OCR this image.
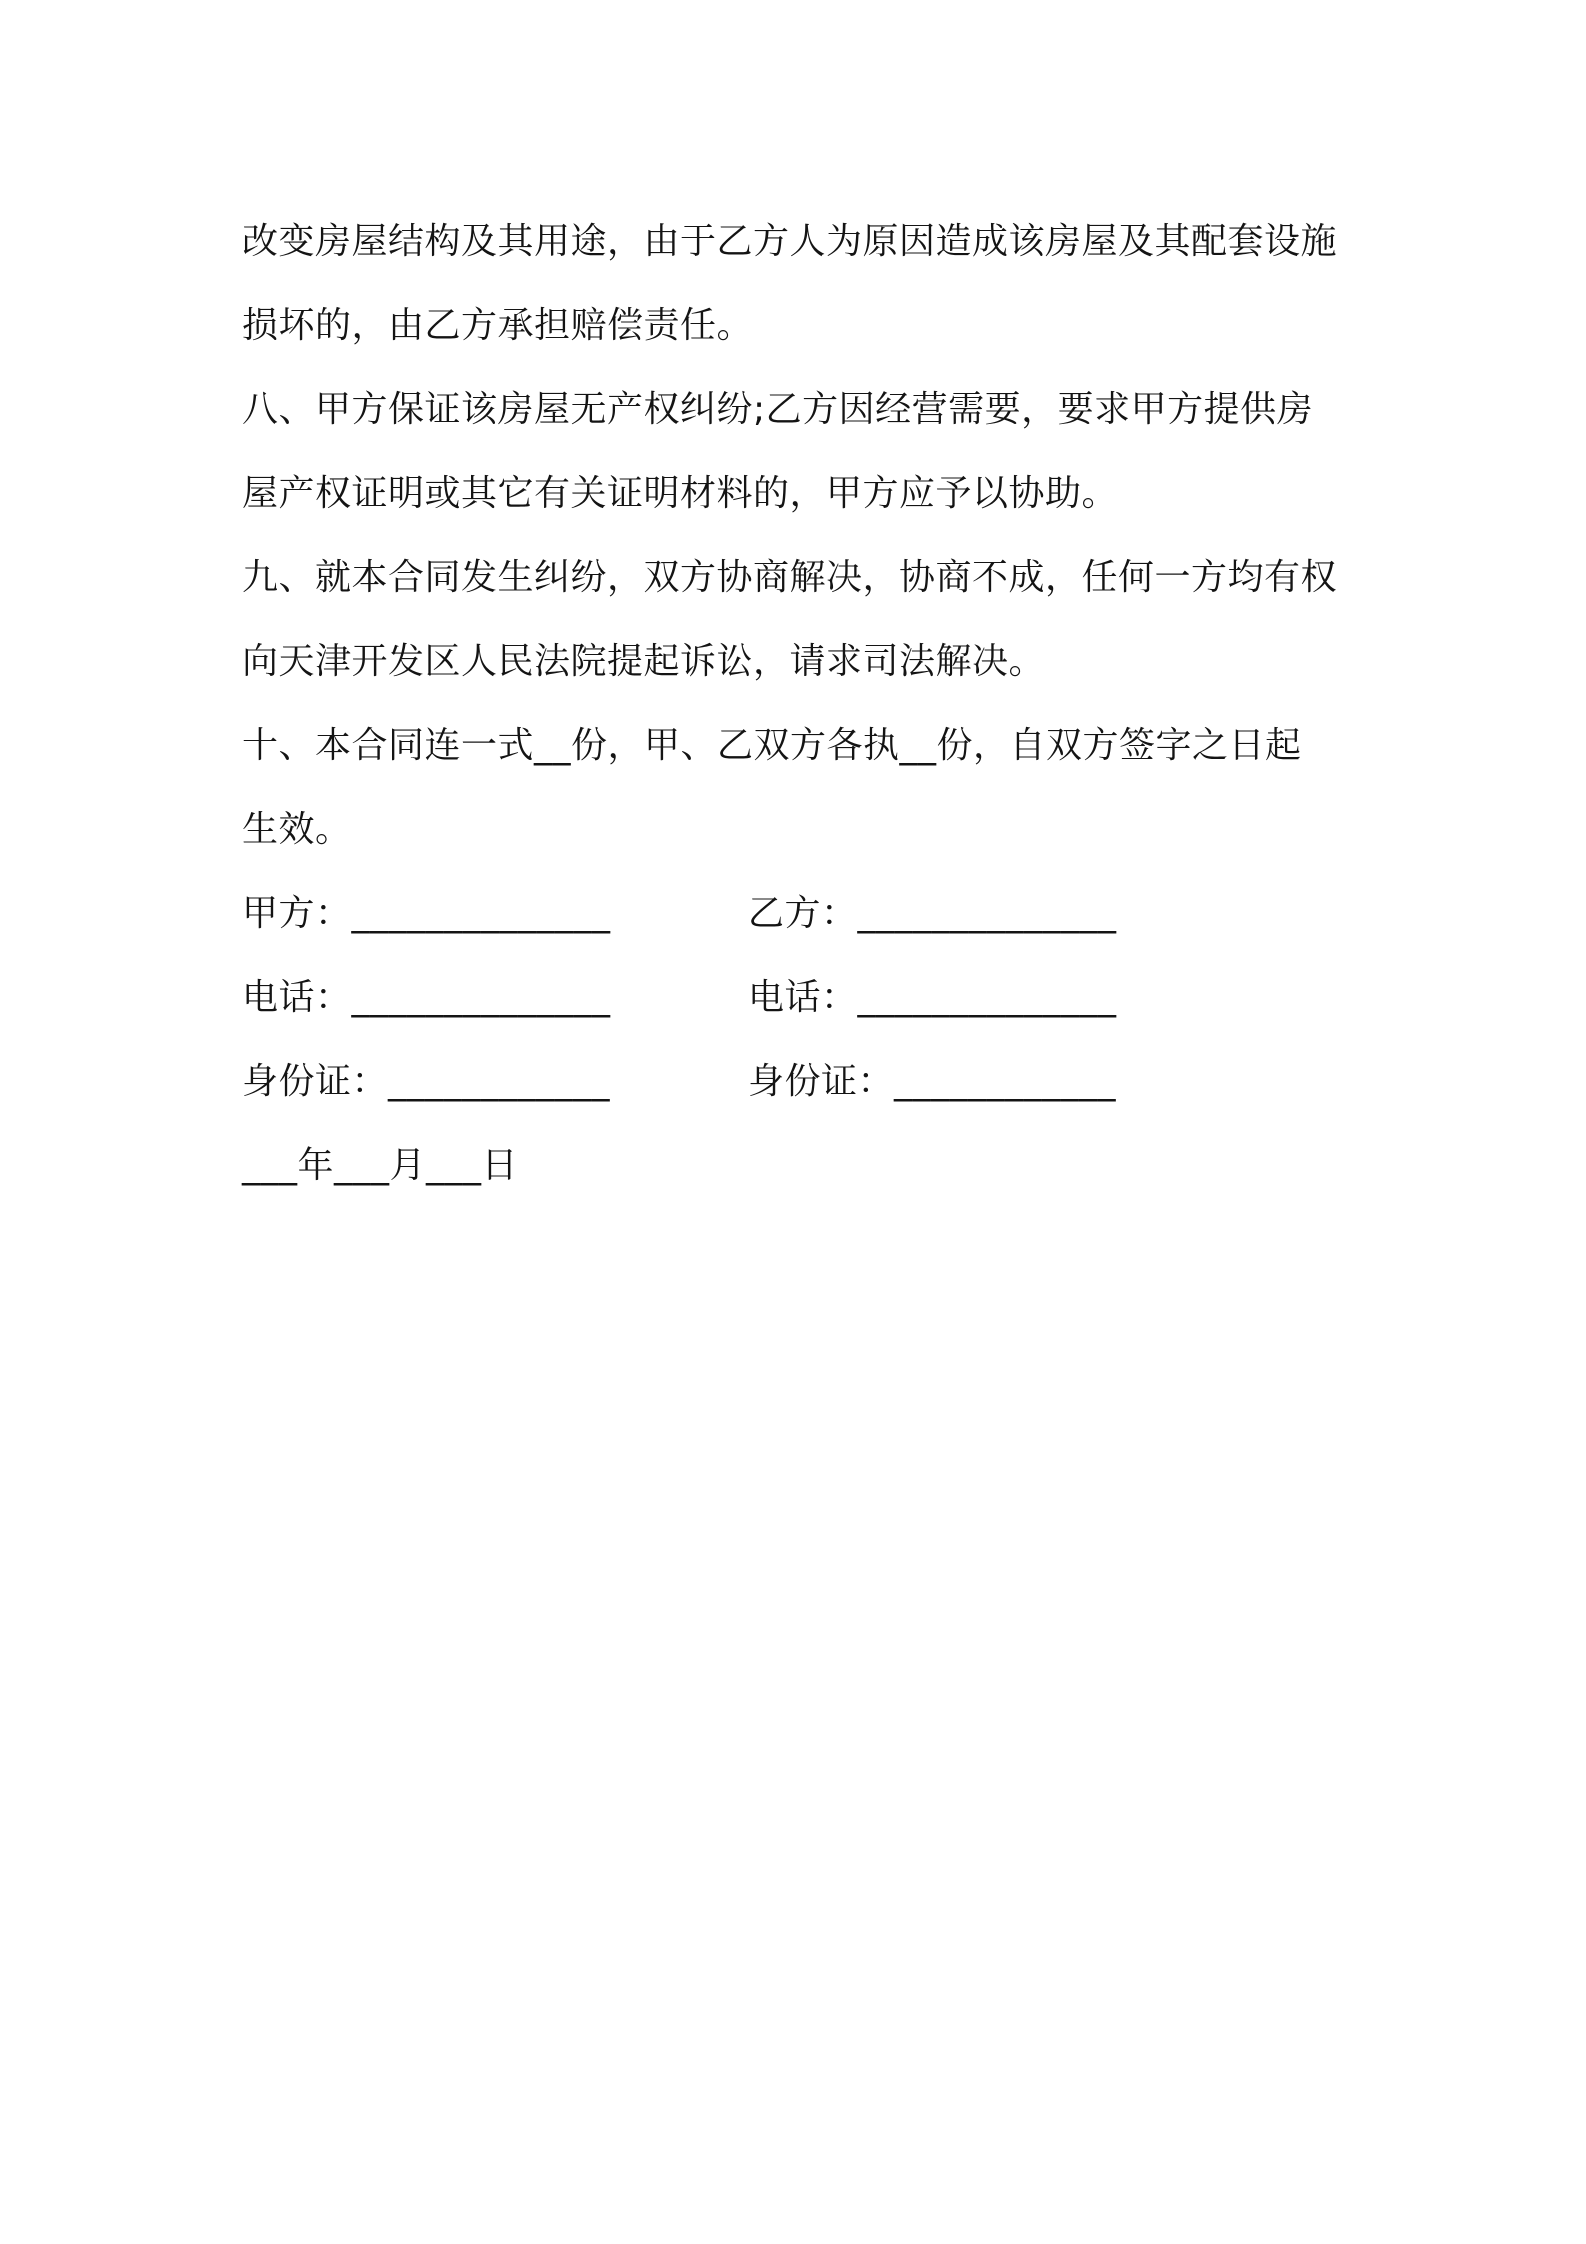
改变房屋结构及其用途，由于乙方人为原因造成该房屋及其配套设施
损坏的，由乙方承担赔偿责任。
八、甲方保证该房屋无产权纠纷;乙方因经营需要，要求甲方提供房
屋产权证明或其它有关证明材料的，甲方应予以协助。
九、就本合同发生纠纷，双方协商解决，协商不成，任何一方均有权
向天津开发区人民法院提起诉讼，请求司法解决。
十、本合同连一式__份，甲、乙双方各执__份，自双方签字之日起
生效。
甲方：______________	乙方：______________
电话：______________	电话：______________
身份证：____________	身份证：____________
___年___月___日
